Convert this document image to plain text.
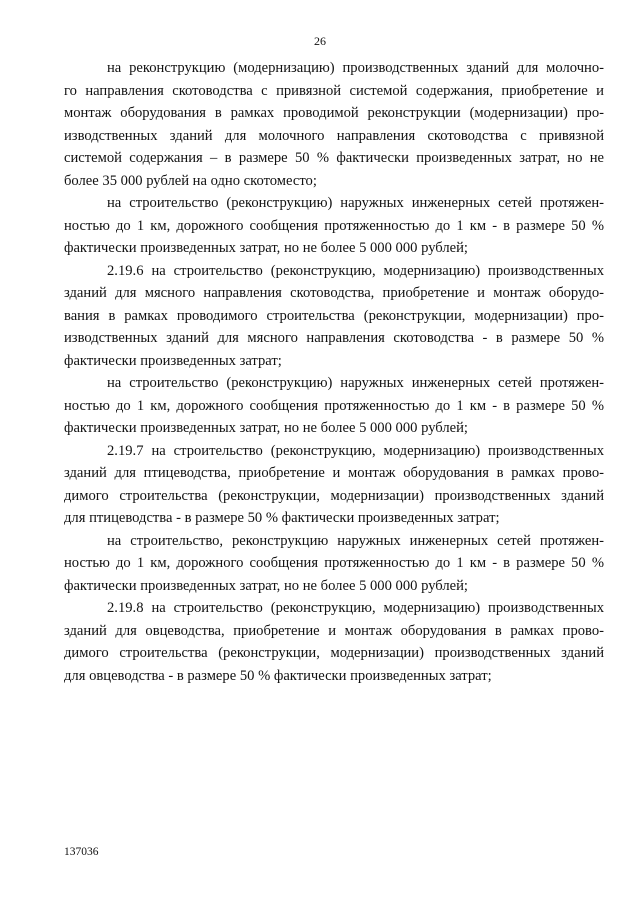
26
на реконструкцию (модернизацию) производственных зданий для молочно-
го направления скотоводства с привязной системой содержания, приобретение и
монтаж оборудования в рамках проводимой реконструкции (модернизации) про-
изводственных зданий для молочного направления скотоводства с привязной
системой содержания – в размере 50 % фактически произведенных затрат, но не
более 35 000 рублей на одно скотоместо;
на строительство (реконструкцию) наружных инженерных сетей протяжен-
ностью до 1 км, дорожного сообщения протяженностью до 1 км - в размере 50 %
фактически произведенных затрат, но не более 5 000 000 рублей;
2.19.6 на строительство (реконструкцию, модернизацию) производственных
зданий для мясного направления скотоводства, приобретение и монтаж оборудо-
вания в рамках проводимого строительства (реконструкции, модернизации) про-
изводственных зданий для мясного направления скотоводства - в размере 50 %
фактически произведенных затрат;
на строительство (реконструкцию) наружных инженерных сетей протяжен-
ностью до 1 км, дорожного сообщения протяженностью до 1 км - в размере 50 %
фактически произведенных затрат, но не более 5 000 000 рублей;
2.19.7 на строительство (реконструкцию, модернизацию) производственных
зданий для птицеводства, приобретение и монтаж оборудования в рамках прово-
димого строительства (реконструкции, модернизации) производственных зданий
для птицеводства - в размере 50 % фактически произведенных затрат;
на строительство, реконструкцию наружных инженерных сетей протяжен-
ностью до 1 км, дорожного сообщения протяженностью до 1 км - в размере 50 %
фактически произведенных затрат, но не более 5 000 000 рублей;
2.19.8 на строительство (реконструкцию, модернизацию) производственных
зданий для овцеводства, приобретение и монтаж оборудования в рамках прово-
димого строительства (реконструкции, модернизации) производственных зданий
для овцеводства - в размере 50 % фактически произведенных затрат;
137036
